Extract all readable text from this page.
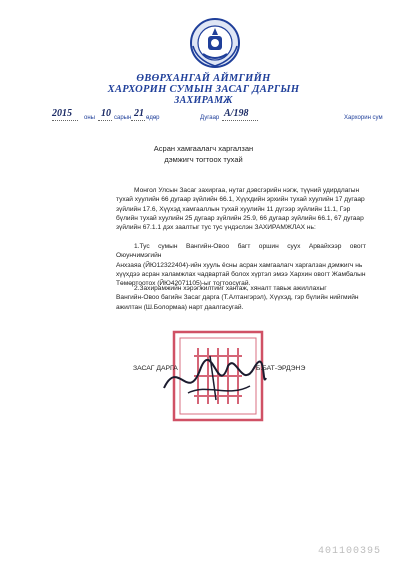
ӨВӨРХАНГАЙ АЙМГИЙН
ХАРХОРИН СУМЫН ЗАСАГ ДАРГЫН
ЗАХИРАМЖ
2015 оны 10 сарын 21 өдөр	Дугаар А/198	Хархорин сум
Асран хамгаалагч харгалзан
дэмжигч тогтоох тухай
Монгол Улсын Засаг захиргаа, нутаг дэвсгэрийн нэгж, түүний удирдлагын
тухай хуулийн 66 дугаар зүйлийн 66.1, Хүүхдийн эрхийн тухай хуулийн 17 дугаар
зүйлийн 17.6, Хүүхэд хамгааллын тухай хуулийн 11 дүгээр зүйлийн 11.1, Гэр
бүлийн тухай хуулийн 25 дугаар зүйлийн 25.9, 66 дугаар зүйлийн 66.1, 67 дугаар
зүйлийн 67.1.1 дэх заалтыг тус тус үндэслэн ЗАХИРАМЖЛАХ нь:
1.Тус сумын Вангийн-Овоо багт оршин суух Арвайхээр овогт Оюунчимэгийн
Анхзаяа (ЙЮ12322404)-ийн хууль ёсны асран хамгаалагч харгалзан дэмжигч нь
хүүхдээ асран халамжлах чадвартай болох хүртэл эмээ Хархин овогт Жамбалын
Төмөртоотох (ЙЮ42071105)-ыг тогтоосугай.
2.Захирамжийн хэрэгжилтийг хангаж, хяналт тавьж ажиллахыг
Вангийн-Овоо багийн Засаг дарга (Т.Алтангэрэл), Хүүхэд, гэр бүлийн нийгмийн
ажилтан (Ш.Болормаа) нарт даалгасугай.
ЗАСАГ ДАРГА	Б.БАТ-ЭРДЭНЭ
401100395
